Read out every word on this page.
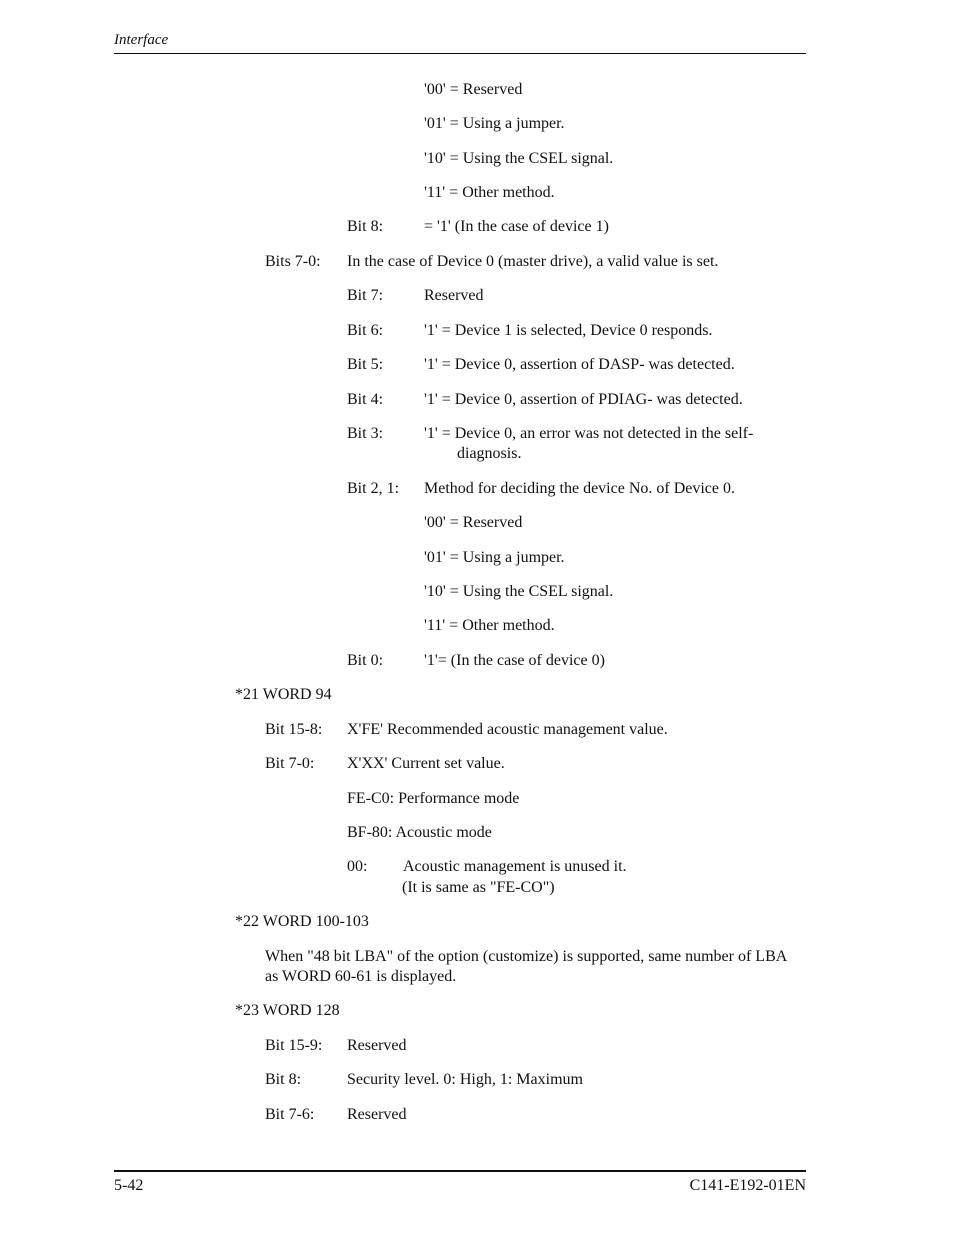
Interface
'00' = Reserved
'01' = Using a jumper.
'10' = Using the CSEL signal.
'11' = Other method.
Bit 8:	= '1' (In the case of device 1)
Bits 7-0: In the case of Device 0 (master drive), a valid value is set.
Bit 7:	Reserved
Bit 6:	'1' = Device 1 is selected, Device 0 responds.
Bit 5:	'1' = Device 0, assertion of DASP- was detected.
Bit 4:	'1' = Device 0, assertion of PDIAG- was detected.
Bit 3:	'1' = Device 0, an error was not detected in the self-
diagnosis.
Bit 2, 1: Method for deciding the device No. of Device 0.
'00' = Reserved
'01' = Using a jumper.
'10' = Using the CSEL signal.
'11' = Other method.
Bit 0:	'1'= (In the case of device 0)
*21 WORD 94
Bit 15-8: X'FE' Recommended acoustic management value.
Bit 7-0: X'XX' Current set value.
FE-C0: Performance mode
BF-80: Acoustic mode
00: Acoustic management is unused it.
(It is same as "FE-CO")
*22 WORD 100-103
When "48 bit LBA" of the option (customize) is supported, same number of LBA as WORD 60-61 is displayed.
*23 WORD 128
Bit 15-9: Reserved
Bit 8:	Security level. 0: High, 1: Maximum
Bit 7-6: Reserved
5-42	C141-E192-01EN
